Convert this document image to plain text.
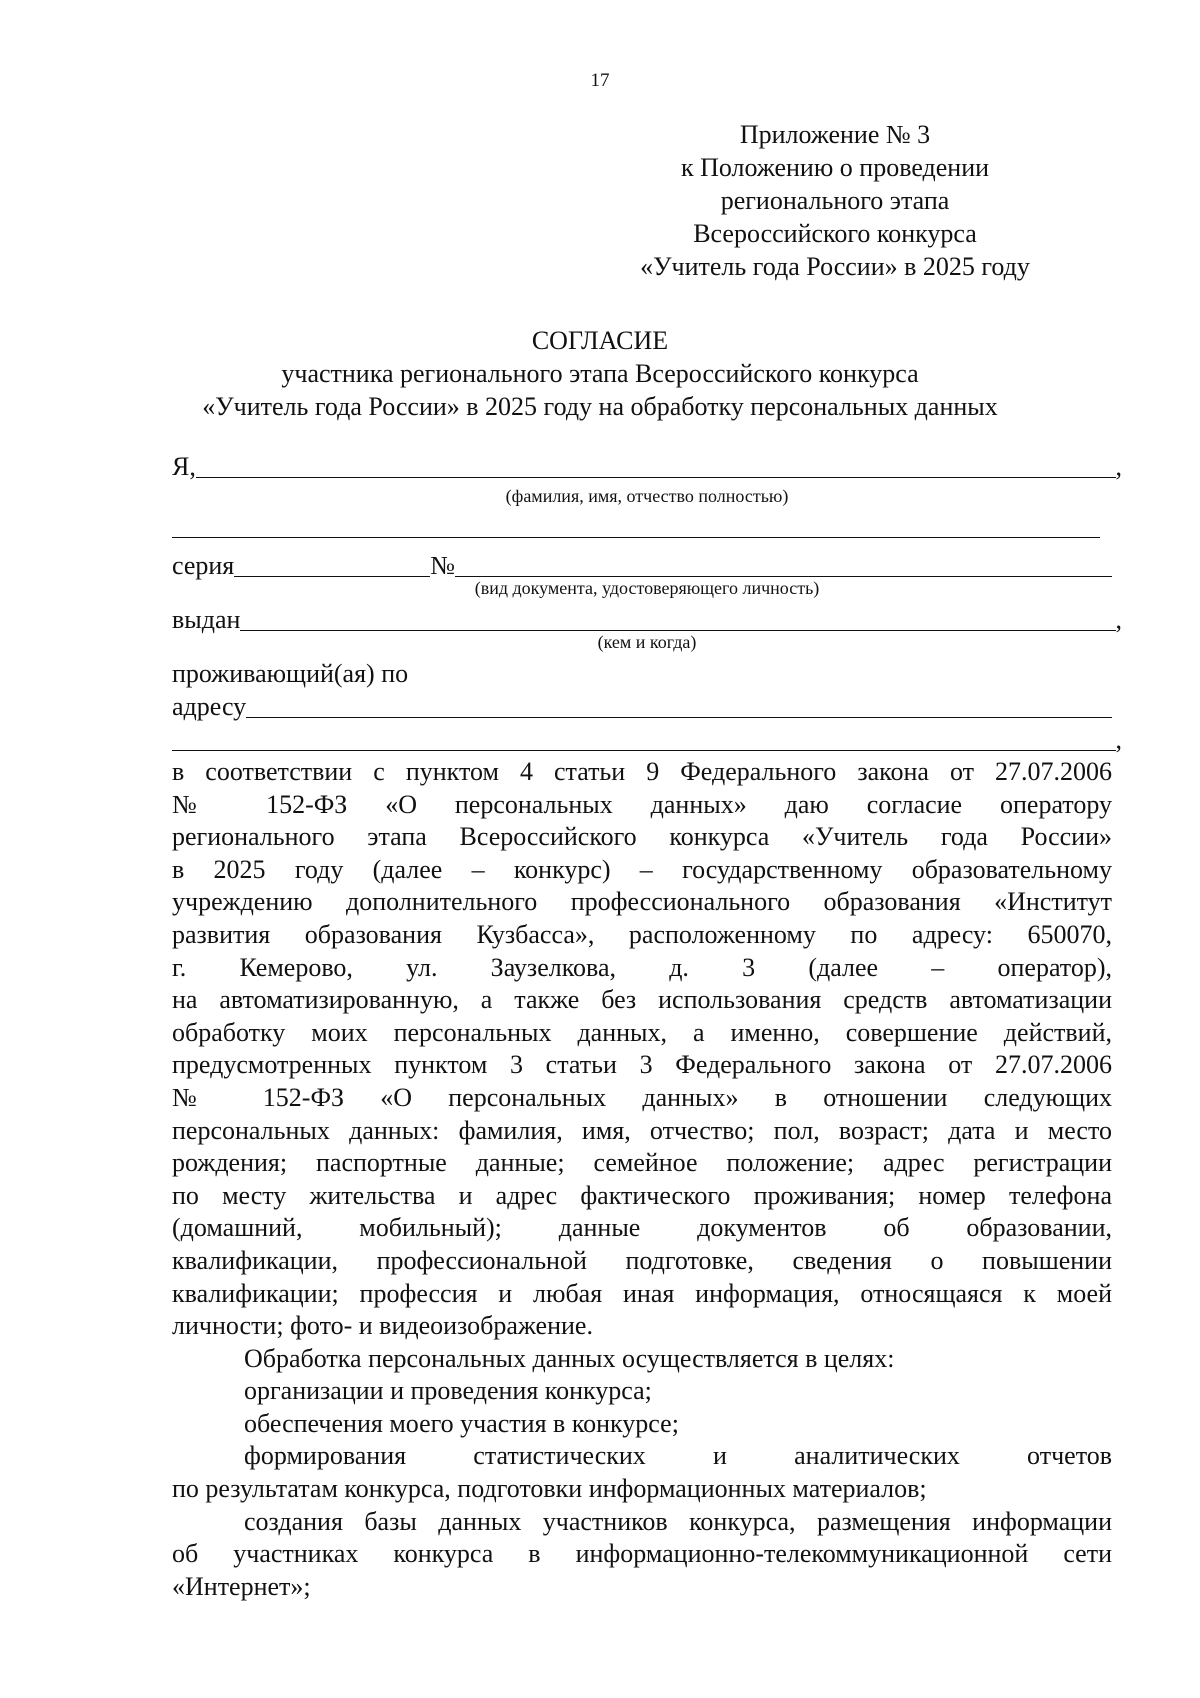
17
Приложение № 3
к Положению о проведении
регионального этапа
Всероссийского конкурса
«Учитель года России» в 2025 году
СОГЛАСИЕ
участника регионального этапа Всероссийского конкурса
«Учитель года России» в 2025 году на обработку персональных данных
Я,	,
(фамилия, имя, отчество полностью)
серия	№
(вид документа, удостоверяющего личность)
выдан	,
(кем и когда)
проживающий(ая) по
адресу
,
в соответствии с пунктом 4 статьи 9 Федерального закона от 27.07.2006
№ 152-ФЗ «О персональных данных» даю согласие оператору
регионального этапа Всероссийского конкурса «Учитель года России»
в 2025 году (далее – конкурс) – государственному образовательному
учреждению дополнительного профессионального образования «Институт
развития образования Кузбасса», расположенному по адресу: 650070,
г. Кемерово, ул. Заузелкова, д. 3 (далее – оператор),
на автоматизированную, а также без использования средств автоматизации
обработку моих персональных данных, а именно, совершение действий,
предусмотренных пунктом 3 статьи 3 Федерального закона от 27.07.2006
№ 152-ФЗ «О персональных данных» в отношении следующих
персональных данных: фамилия, имя, отчество; пол, возраст; дата и место
рождения; паспортные данные; семейное положение; адрес регистрации
по месту жительства и адрес фактического проживания; номер телефона
(домашний, мобильный); данные документов об образовании,
квалификации, профессиональной подготовке, сведения о повышении
квалификации; профессия и любая иная информация, относящаяся к моей
личности; фото- и видеоизображение.
Обработка персональных данных осуществляется в целях:
организации и проведения конкурса;
обеспечения моего участия в конкурсе;
формирования статистических и аналитических отчетов
по результатам конкурса, подготовки информационных материалов;
создания базы данных участников конкурса, размещения информации
об участниках конкурса в информационно-телекоммуникационной сети
«Интернет»;
